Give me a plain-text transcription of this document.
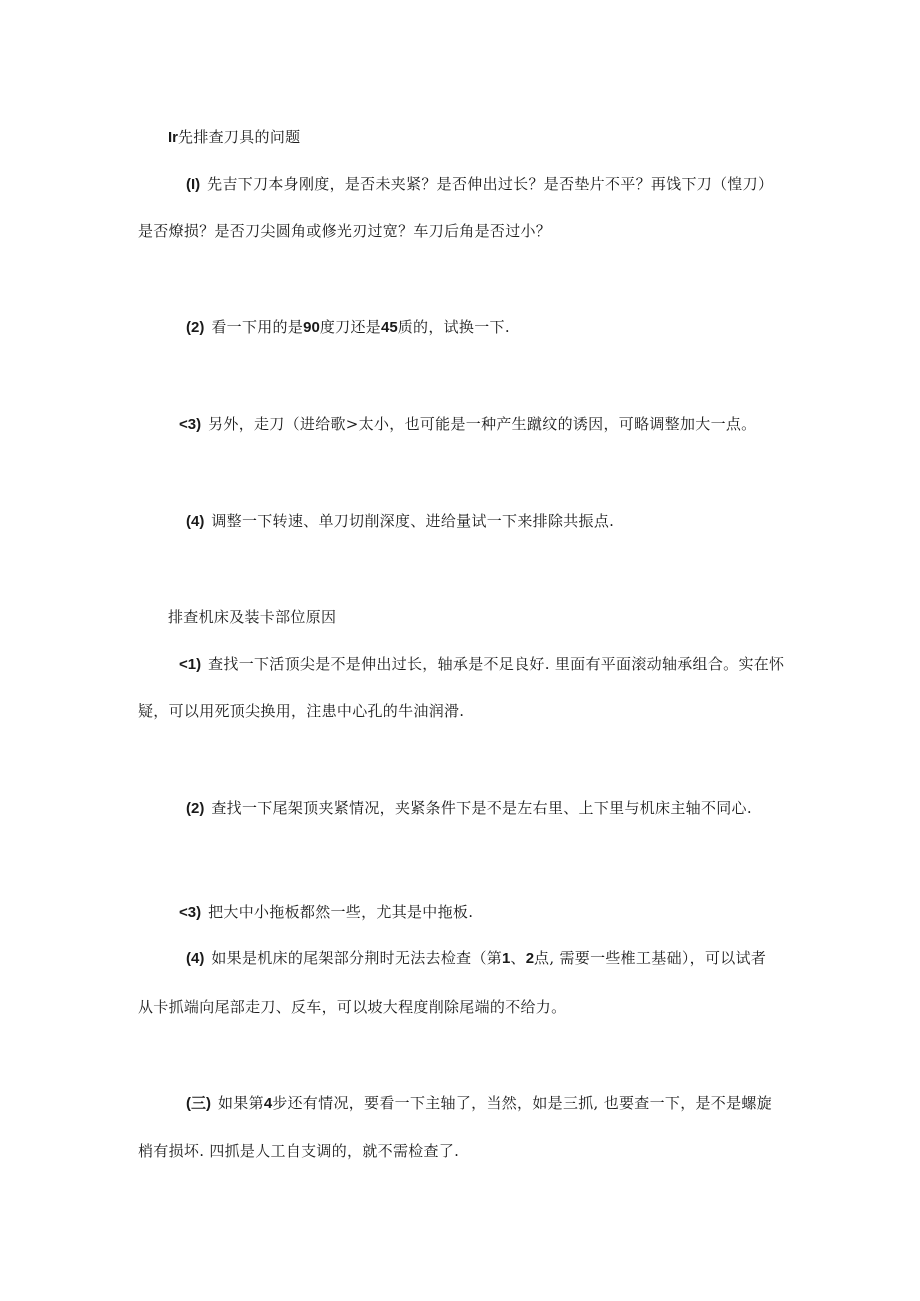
Ir先排查刀具的问题
(I) 先吉下刀本身刚度，是否未夹紧？是否伸出过长？是否垫片不平？再饯下刀（惶刀）
是否燎损？是否刀尖圆角或修光刃过宽？车刀后角是否过小？
(2) 看一下用的是90度刀还是45质的，试换一下.
<3) 另外，走刀（进给歌>太小，也可能是一种产生蹴纹的诱因，可略调整加大一点。
(4) 调整一下转速、单刀切削深度、进给量试一下来排除共振点.
排查机床及装卡部位原因
<1) 查找一下活顶尖是不是伸出过长，轴承是不足良好. 里面有平面滚动轴承组合。实在怀
疑，可以用死顶尖换用，注患中心孔的牛油润滑.
(2) 查找一下尾架顶夹紧情况，夹紧条件下是不是左右里、上下里与机床主轴不同心.
<3) 把大中小拖板都然一些，尤其是中拖板.
(4) 如果是机床的尾架部分荆时无法去检查（第1、2点, 需要一些椎工基础），可以试者
从卡抓端向尾部走刀、反车，可以坡大程度削除尾端的不给力。
(三) 如果第4步还有情况，要看一下主轴了，当然，如是三抓, 也要查一下，是不是螺旋
梢有损坏. 四抓是人工自支调的，就不需检查了.
